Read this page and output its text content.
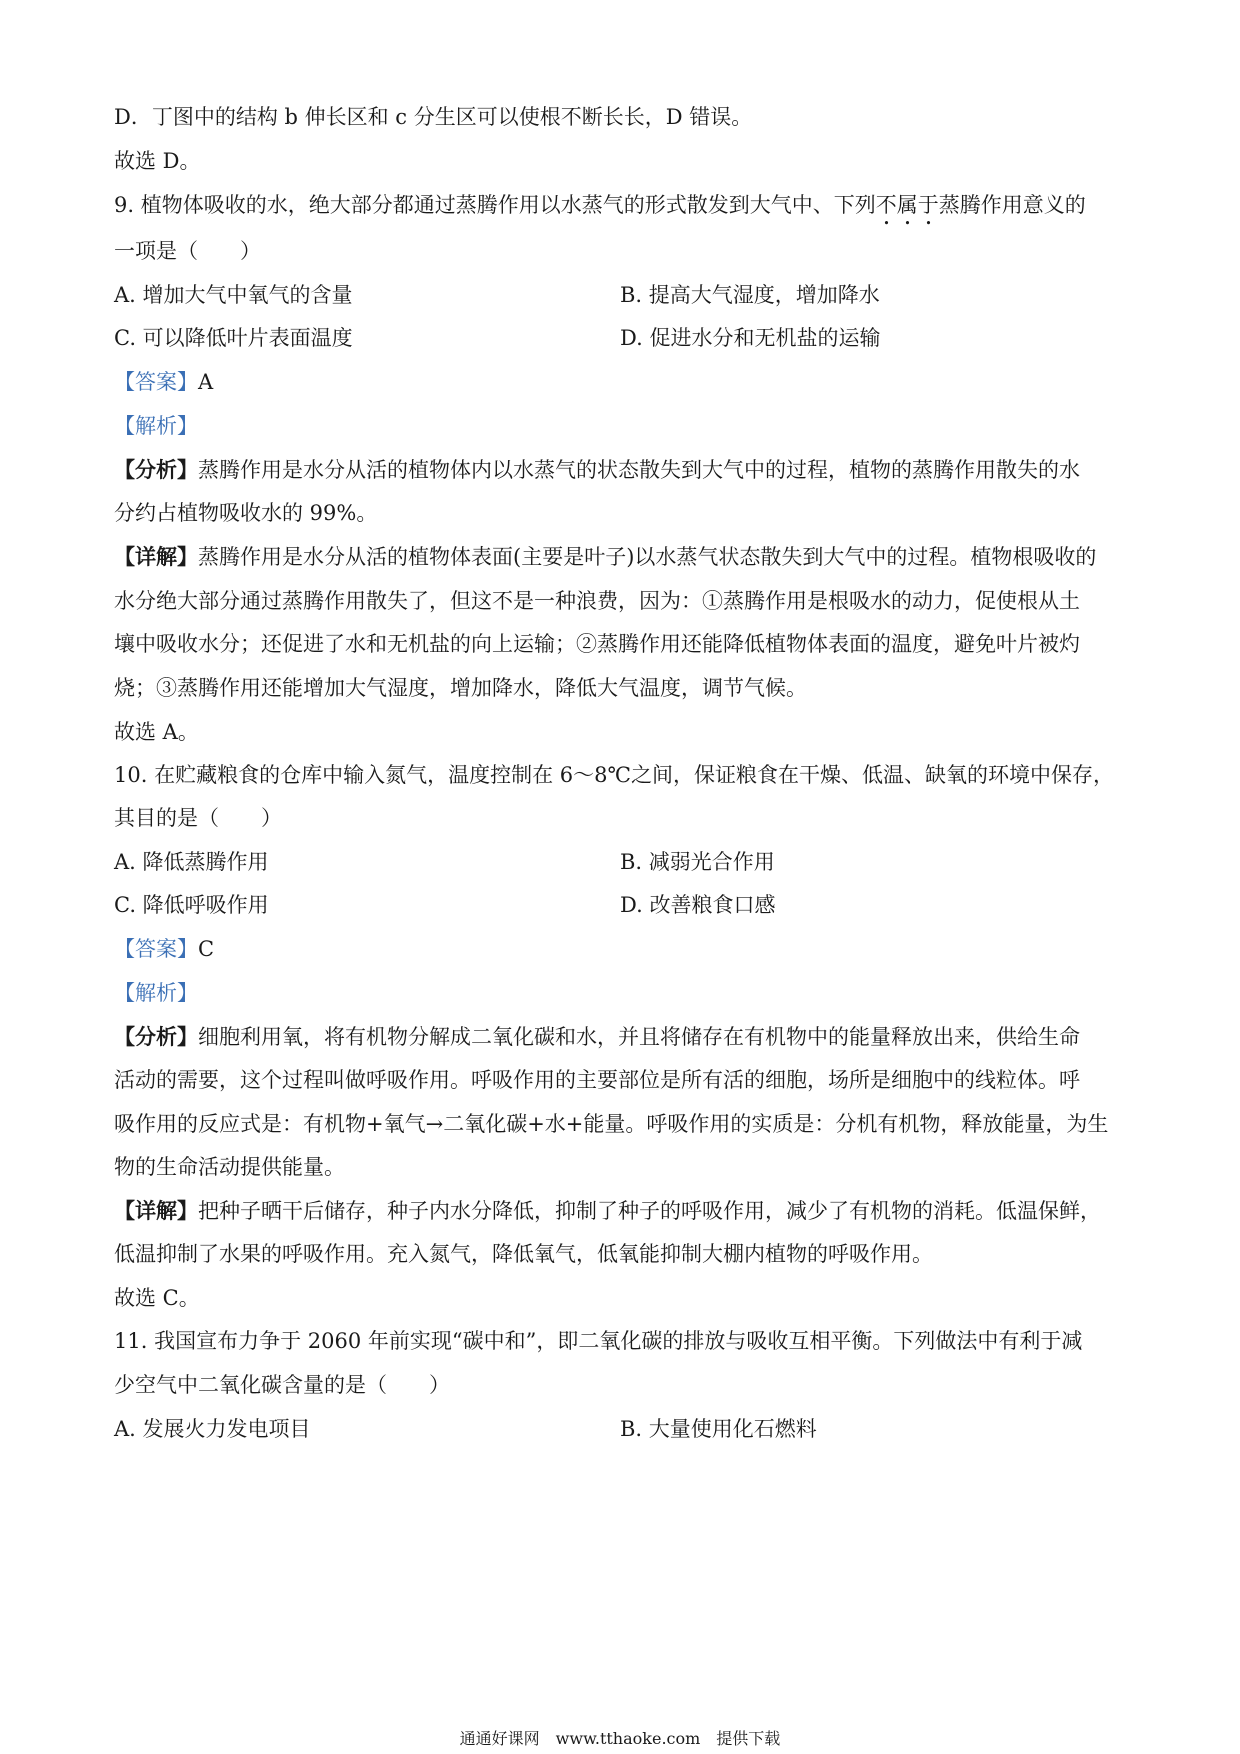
D．丁图中的结构 b 伸长区和 c 分生区可以使根不断长长，D 错误。
故选 D。
9. 植物体吸收的水，绝大部分都通过蒸腾作用以水蒸气的形式散发到大气中、下列不属于蒸腾作用意义的
一项是（　　）
A. 增加大气中氧气的含量	B. 提高大气湿度，增加降水
C. 可以降低叶片表面温度	D. 促进水分和无机盐的运输
【答案】A
【解析】
【分析】蒸腾作用是水分从活的植物体内以水蒸气的状态散失到大气中的过程，植物的蒸腾作用散失的水
分约占植物吸收水的 99%。
【详解】蒸腾作用是水分从活的植物体表面(主要是叶子)以水蒸气状态散失到大气中的过程。植物根吸收的
水分绝大部分通过蒸腾作用散失了，但这不是一种浪费，因为：①蒸腾作用是根吸水的动力，促使根从土
壤中吸收水分；还促进了水和无机盐的向上运输；②蒸腾作用还能降低植物体表面的温度，避免叶片被灼
烧；③蒸腾作用还能增加大气湿度，增加降水，降低大气温度，调节气候。
故选 A。
10. 在贮藏粮食的仓库中输入氮气，温度控制在 6～8℃之间，保证粮食在干燥、低温、缺氧的环境中保存，
其目的是（　　）
A. 降低蒸腾作用	B. 减弱光合作用
C. 降低呼吸作用	D. 改善粮食口感
【答案】C
【解析】
【分析】细胞利用氧，将有机物分解成二氧化碳和水，并且将储存在有机物中的能量释放出来，供给生命
活动的需要，这个过程叫做呼吸作用。呼吸作用的主要部位是所有活的细胞，场所是细胞中的线粒体。呼
吸作用的反应式是：有机物+氧气→二氧化碳+水+能量。呼吸作用的实质是：分机有机物，释放能量，为生
物的生命活动提供能量。
【详解】把种子晒干后储存，种子内水分降低，抑制了种子的呼吸作用，减少了有机物的消耗。低温保鲜，
低温抑制了水果的呼吸作用。充入氮气，降低氧气，低氧能抑制大棚内植物的呼吸作用。
故选 C。
11. 我国宣布力争于 2060 年前实现“碳中和”，即二氧化碳的排放与吸收互相平衡。下列做法中有利于减
少空气中二氧化碳含量的是（　　）
A. 发展火力发电项目	B. 大量使用化石燃料
通通好课网　www.tthaoke.com　提供下载
